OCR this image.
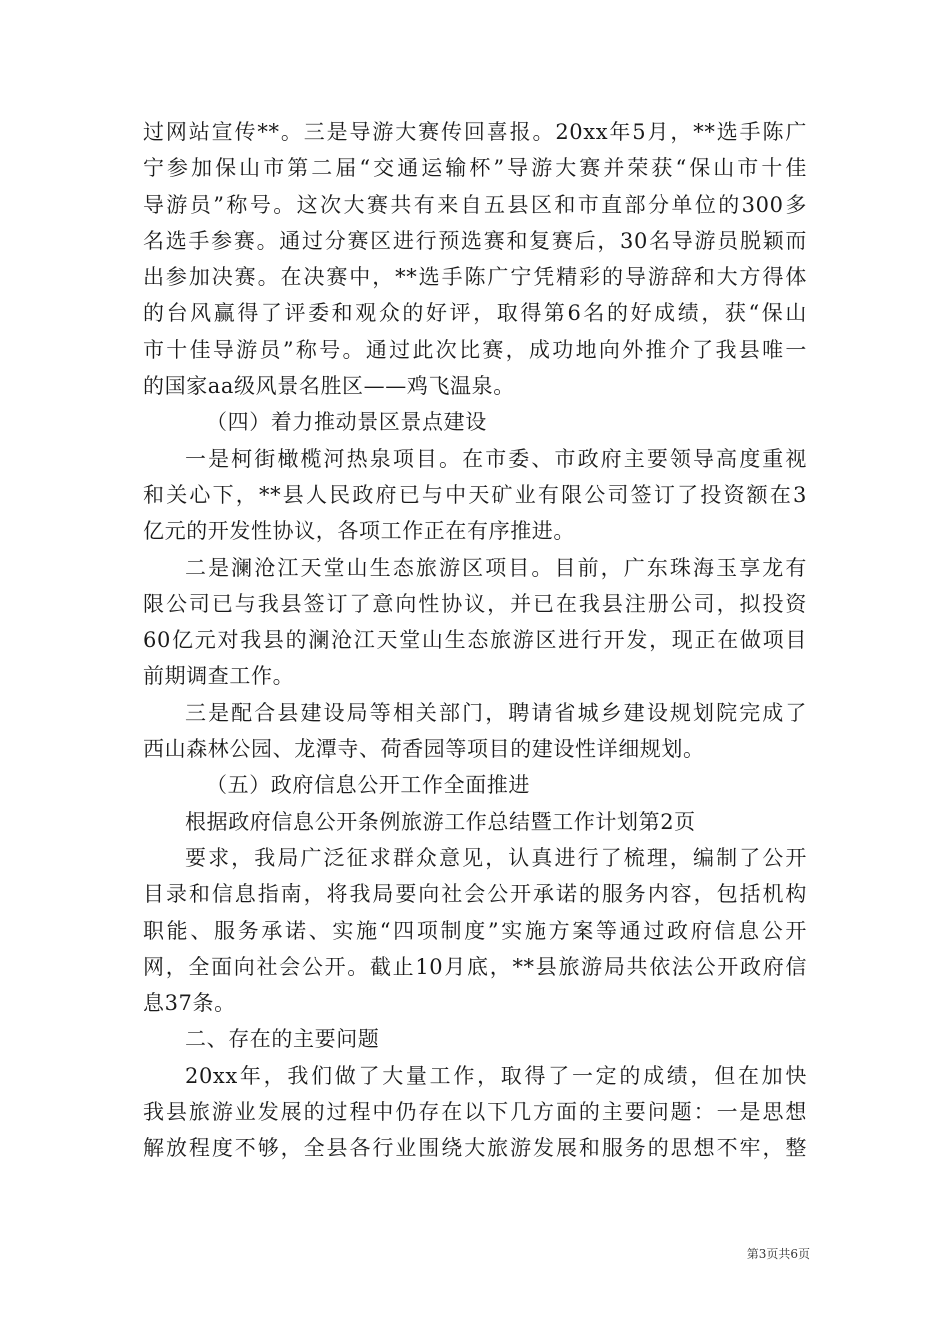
过网站宣传**。三是导游大赛传回喜报。20xx年5月，**选手陈广
宁参加保山市第二届“交通运输杯”导游大赛并荣获“保山市十佳
导游员”称号。这次大赛共有来自五县区和市直部分单位的300多
名选手参赛。通过分赛区进行预选赛和复赛后，30名导游员脱颖而
出参加决赛。在决赛中，**选手陈广宁凭精彩的导游辞和大方得体
的台风赢得了评委和观众的好评，取得第6名的好成绩，获“保山
市十佳导游员”称号。通过此次比赛，成功地向外推介了我县唯一
的国家aa级风景名胜区——鸡飞温泉。
（四）着力推动景区景点建设
一是柯街橄榄河热泉项目。在市委、市政府主要领导高度重视
和关心下，**县人民政府已与中天矿业有限公司签订了投资额在3
亿元的开发性协议，各项工作正在有序推进。
二是澜沧江天堂山生态旅游区项目。目前，广东珠海玉享龙有
限公司已与我县签订了意向性协议，并已在我县注册公司，拟投资
60亿元对我县的澜沧江天堂山生态旅游区进行开发，现正在做项目
前期调查工作。
三是配合县建设局等相关部门，聘请省城乡建设规划院完成了
西山森林公园、龙潭寺、荷香园等项目的建设性详细规划。
（五）政府信息公开工作全面推进
根据政府信息公开条例旅游工作总结暨工作计划第2页
要求，我局广泛征求群众意见，认真进行了梳理，编制了公开
目录和信息指南，将我局要向社会公开承诺的服务内容，包括机构
职能、服务承诺、实施“四项制度”实施方案等通过政府信息公开
网，全面向社会公开。截止10月底，**县旅游局共依法公开政府信
息37条。
二、存在的主要问题
20xx年，我们做了大量工作，取得了一定的成绩，但在加快
我县旅游业发展的过程中仍存在以下几方面的主要问题：一是思想
解放程度不够，全县各行业围绕大旅游发展和服务的思想不牢，整
第3页共6页
